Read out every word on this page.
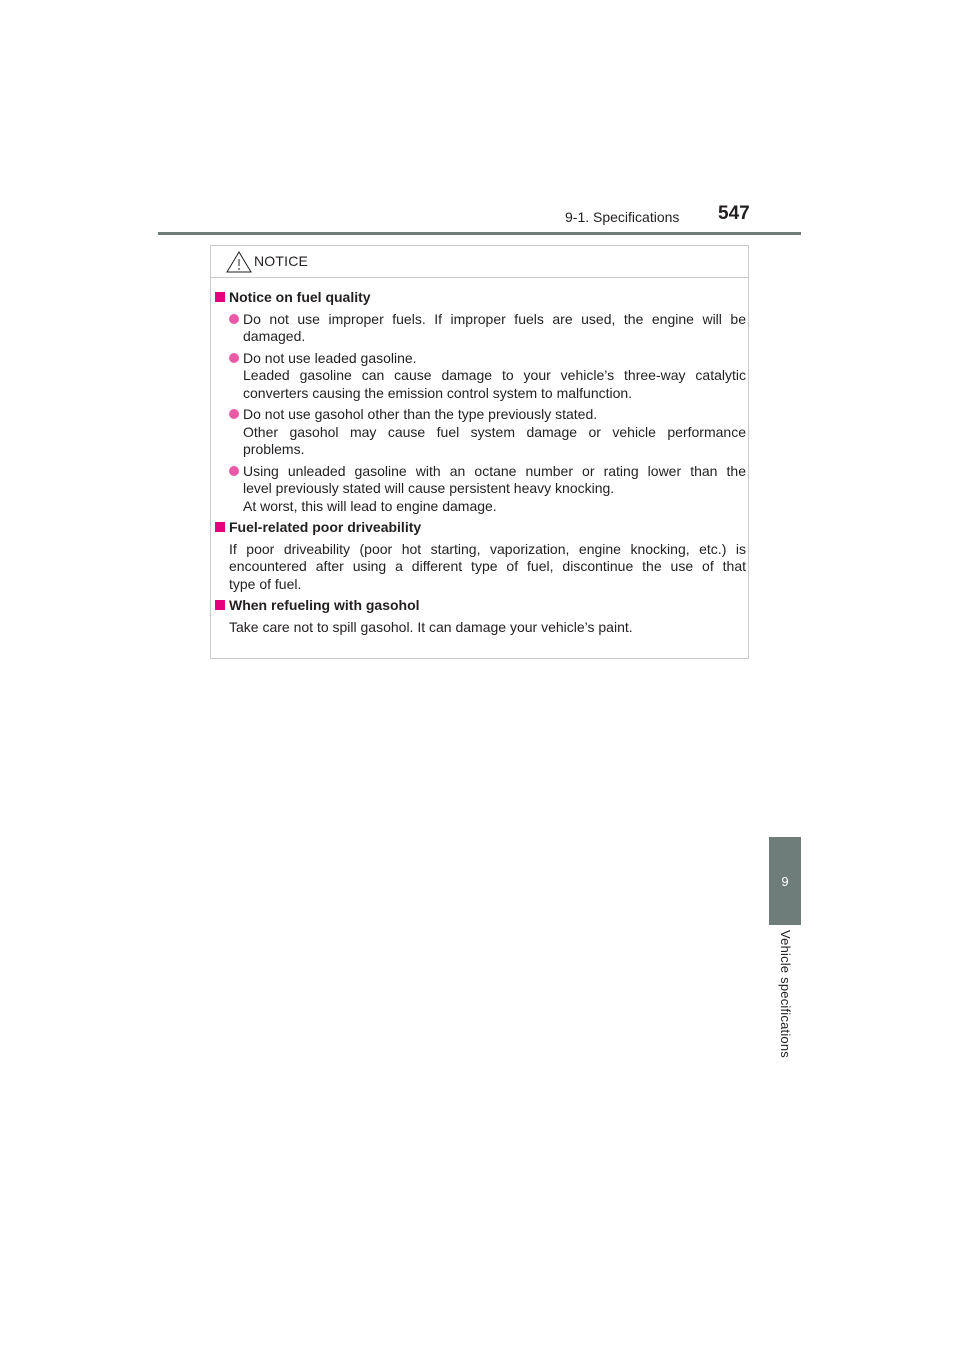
9-1. Specifications 547
NOTICE
Notice on fuel quality
Do not use improper fuels. If improper fuels are used, the engine will be
damaged.
Do not use leaded gasoline.
Leaded gasoline can cause damage to your vehicle’s three-way catalytic
converters causing the emission control system to malfunction.
Do not use gasohol other than the type previously stated.
Other gasohol may cause fuel system damage or vehicle performance
problems.
Using unleaded gasoline with an octane number or rating lower than the
level previously stated will cause persistent heavy knocking.
At worst, this will lead to engine damage.
Fuel-related poor driveability
If poor driveability (poor hot starting, vaporization, engine knocking, etc.) is
encountered after using a different type of fuel, discontinue the use of that
type of fuel.
When refueling with gasohol
Take care not to spill gasohol. It can damage your vehicle’s paint.
9
Vehicle specifications
